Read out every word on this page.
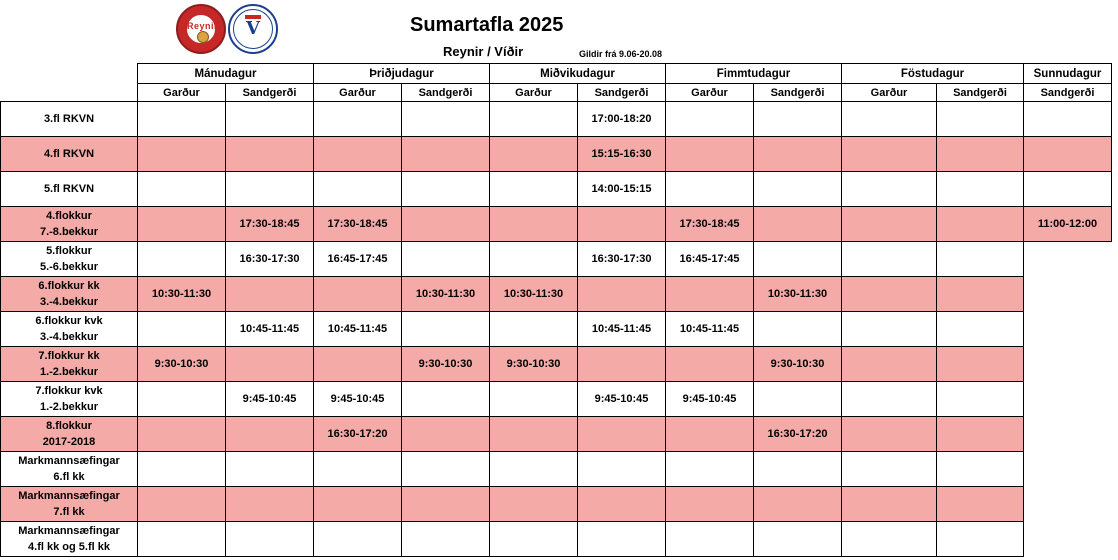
Reynir	V	Sumartafla 2025
Reynir / Víðir	Gildir frá 9.06-20.08
	Mánudagur		Þriðjudagur		Miðvikudagur		Fimmtudagur		Föstudagur		Sunnudagur
	Garður	Sandgerði	Garður	Sandgerði	Garður	Sandgerði	Garður	Sandgerði	Garður	Sandgerði	Sandgerði

3.fl RKVN						17:00-18:20					

4.fl RKVN						15:15-16:30					

5.fl RKVN						14:00-15:15					

4.flokkur
7.-8.bekkur		17:30-18:45	17:30-18:45				17:30-18:45				11:00-12:00

5.flokkur
5.-6.bekkur		16:30-17:30	16:45-17:45			16:30-17:30	16:45-17:45				

6.flokkur kk
3.-4.bekkur	10:30-11:30			10:30-11:30	10:30-11:30			10:30-11:30			

6.flokkur kvk
3.-4.bekkur		10:45-11:45	10:45-11:45			10:45-11:45	10:45-11:45				

7.flokkur kk
1.-2.bekkur	9:30-10:30			9:30-10:30	9:30-10:30			9:30-10:30			

7.flokkur kvk
1.-2.bekkur		9:45-10:45	9:45-10:45			9:45-10:45	9:45-10:45				

8.flokkur
2017-2018			16:30-17:20					16:30-17:20			

Markmannsæfingar
6.fl kk											

Markmannsæfingar
7.fl kk											

Markmannsæfingar
4.fl kk og 5.fl kk											
